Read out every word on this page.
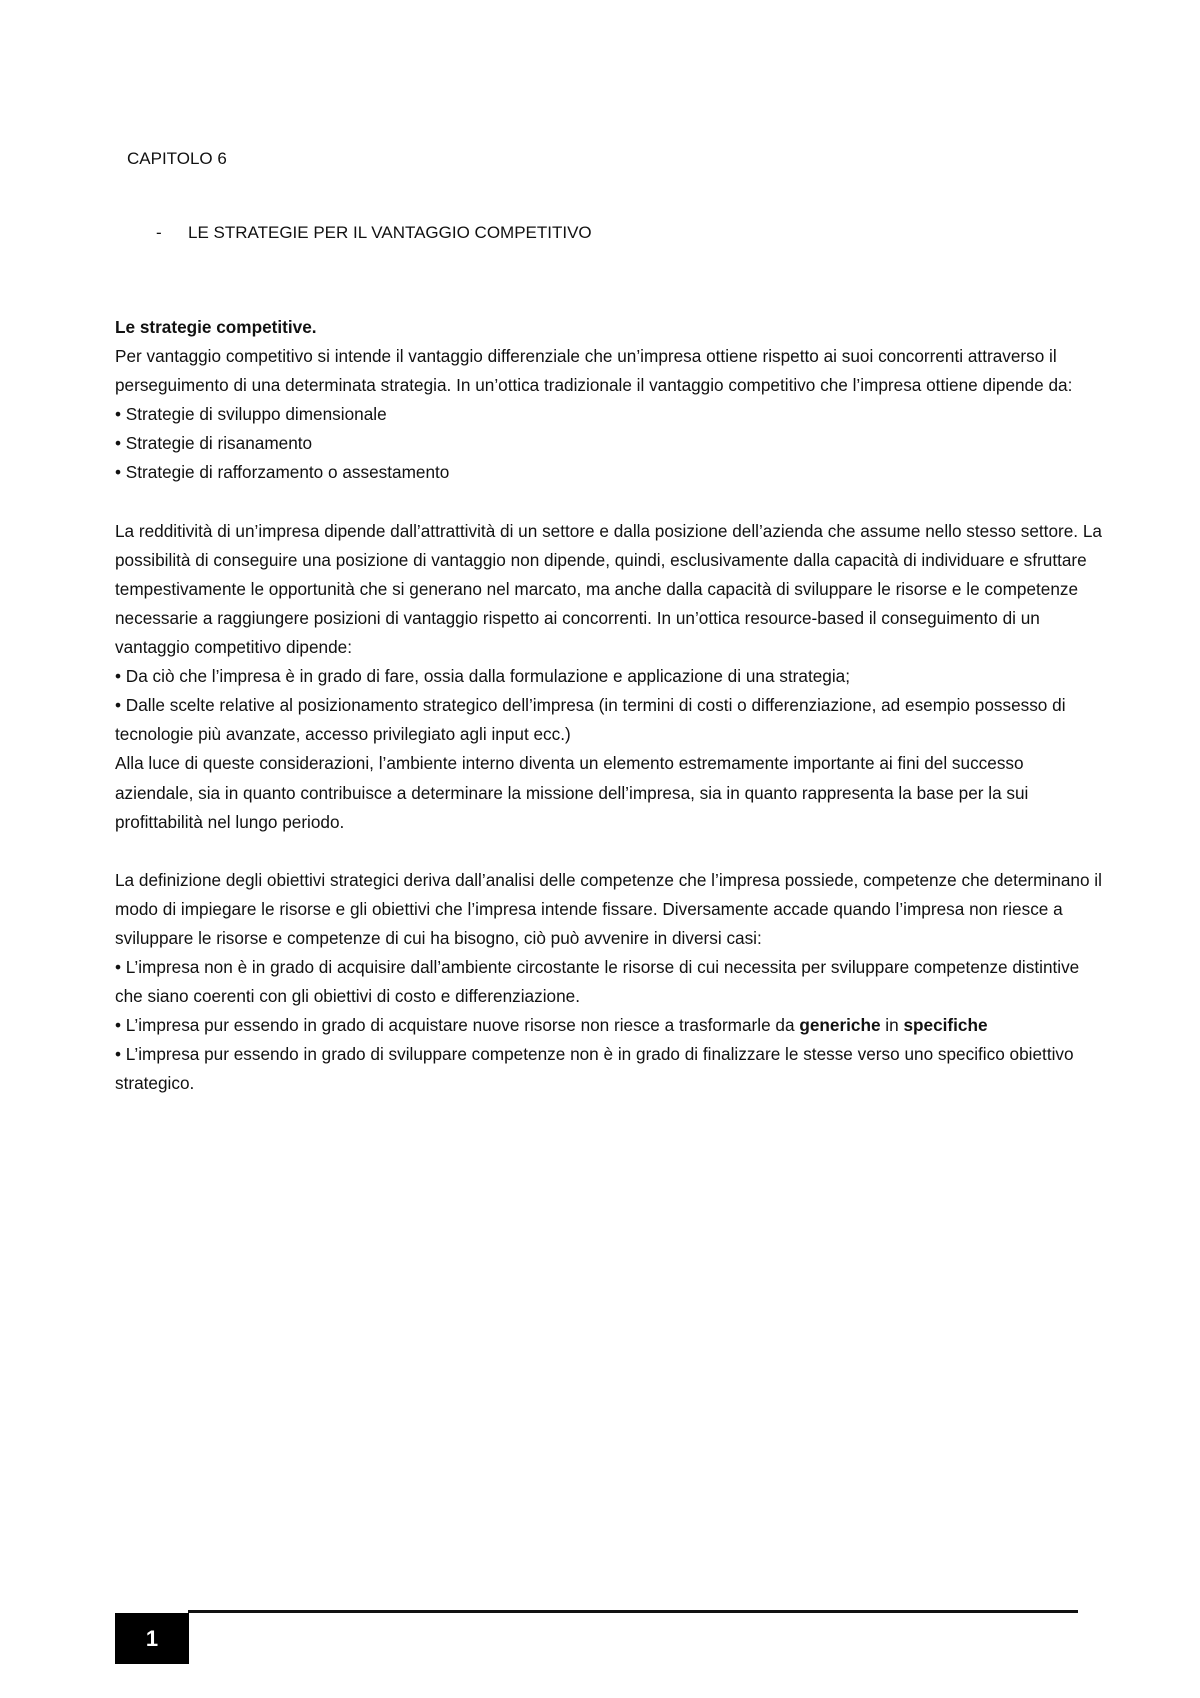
CAPITOLO 6
-	LE STRATEGIE PER IL VANTAGGIO COMPETITIVO

Le strategie competitive.

Per vantaggio competitivo si intende il vantaggio differenziale che un’impresa ottiene rispetto ai suoi concorrenti attraverso il perseguimento di una determinata strategia. In un’ottica tradizionale il vantaggio competitivo che l’impresa ottiene dipende da:

• Strategie di sviluppo dimensionale

• Strategie di risanamento

• Strategie di rafforzamento o assestamento

La redditività di un’impresa dipende dall’attrattività di un settore e dalla posizione dell’azienda che assume nello stesso settore. La possibilità di conseguire una posizione di vantaggio non dipende, quindi, esclusivamente dalla capacità di individuare e sfruttare tempestivamente le opportunità che si generano nel marcato, ma anche dalla capacità di sviluppare le risorse e le competenze necessarie a raggiungere posizioni di vantaggio rispetto ai concorrenti. In un’ottica resource-based il conseguimento di un vantaggio competitivo dipende:

• Da ciò che l’impresa è in grado di fare, ossia dalla formulazione e applicazione di una strategia;

• Dalle scelte relative al posizionamento strategico dell’impresa (in termini di costi o differenziazione, ad esempio possesso di tecnologie più avanzate, accesso privilegiato agli input ecc.)

Alla luce di queste considerazioni, l’ambiente interno diventa un elemento estremamente importante ai fini del successo aziendale, sia in quanto contribuisce a determinare la missione dell’impresa, sia in quanto rappresenta la base per la sui profittabilità nel lungo periodo.

La definizione degli obiettivi strategici deriva dall’analisi delle competenze che l’impresa possiede, competenze che determinano il modo di impiegare le risorse e gli obiettivi che l’impresa intende fissare. Diversamente accade quando l’impresa non riesce a sviluppare le risorse e competenze di cui ha bisogno, ciò può avvenire in diversi casi:

• L’impresa non è in grado di acquisire dall’ambiente circostante le risorse di cui necessita per sviluppare competenze distintive che siano coerenti con gli obiettivi di costo e differenziazione.

• L’impresa pur essendo in grado di acquistare nuove risorse non riesce a trasformarle da generiche in specifiche

• L’impresa pur essendo in grado di sviluppare competenze non è in grado di finalizzare le stesse verso uno specifico obiettivo strategico.

1
